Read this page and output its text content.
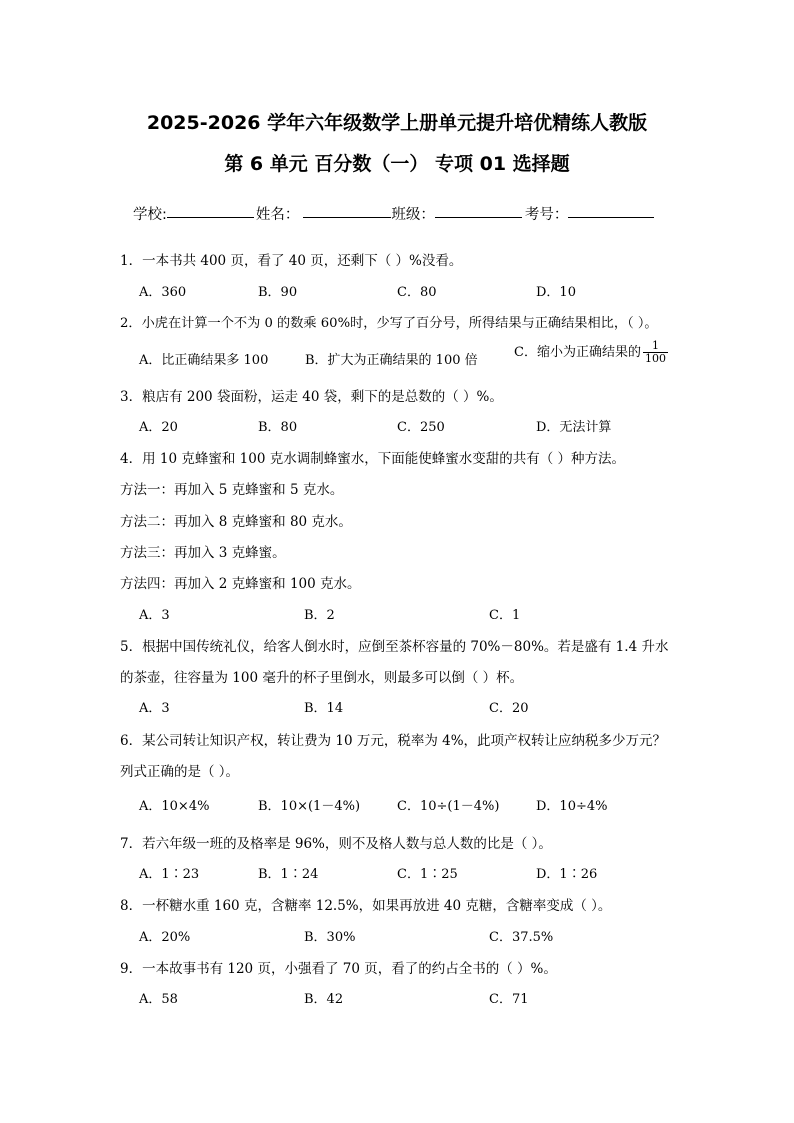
2025-2026 学年六年级数学上册单元提升培优精练人教版
第 6 单元 百分数（一） 专项 01 选择题
学校:	姓名：	班级：	考号：
1．一本书共 400 页，看了 40 页，还剩下（ ）%没看。
A．360	B．90	C．80	D．10
2．小虎在计算一个不为 0 的数乘 60%时，少写了百分号，所得结果与正确结果相比，（ ）。
A．比正确结果多 100	B．扩大为正确结果的 100 倍
C．缩小为正确结果的 $\frac{1}{100}$
3．粮店有 200 袋面粉，运走 40 袋，剩下的是总数的（ ）%。
A．20	B．80	C．250	D．无法计算
4．用 10 克蜂蜜和 100 克水调制蜂蜜水，下面能使蜂蜜水变甜的共有（ ）种方法。
方法一：再加入 5 克蜂蜜和 5 克水。
方法二：再加入 8 克蜂蜜和 80 克水。
方法三：再加入 3 克蜂蜜。
方法四：再加入 2 克蜂蜜和 100 克水。
A．3	B．2	C．1
5．根据中国传统礼仪，给客人倒水时，应倒至茶杯容量的 70%－80%。若是盛有 1.4 升水
的茶壶，往容量为 100 毫升的杯子里倒水，则最多可以倒（ ）杯。
A．3	B．14	C．20
6．某公司转让知识产权，转让费为 10 万元，税率为 4%，此项产权转让应纳税多少万元？
列式正确的是（ ）。
A．10×4%	B．10×(1－4%)	C．10÷(1－4%)	D．10÷4%
7．若六年级一班的及格率是 96%，则不及格人数与总人数的比是（ ）。
A．1∶23	B．1∶24	C．1∶25	D．1∶26
8．一杯糖水重 160 克，含糖率 12.5%，如果再放进 40 克糖，含糖率变成（ ）。
A．20%	B．30%	C．37.5%
9．一本故事书有 120 页，小强看了 70 页，看了的约占全书的（ ）%。
A．58	B．42	C．71
